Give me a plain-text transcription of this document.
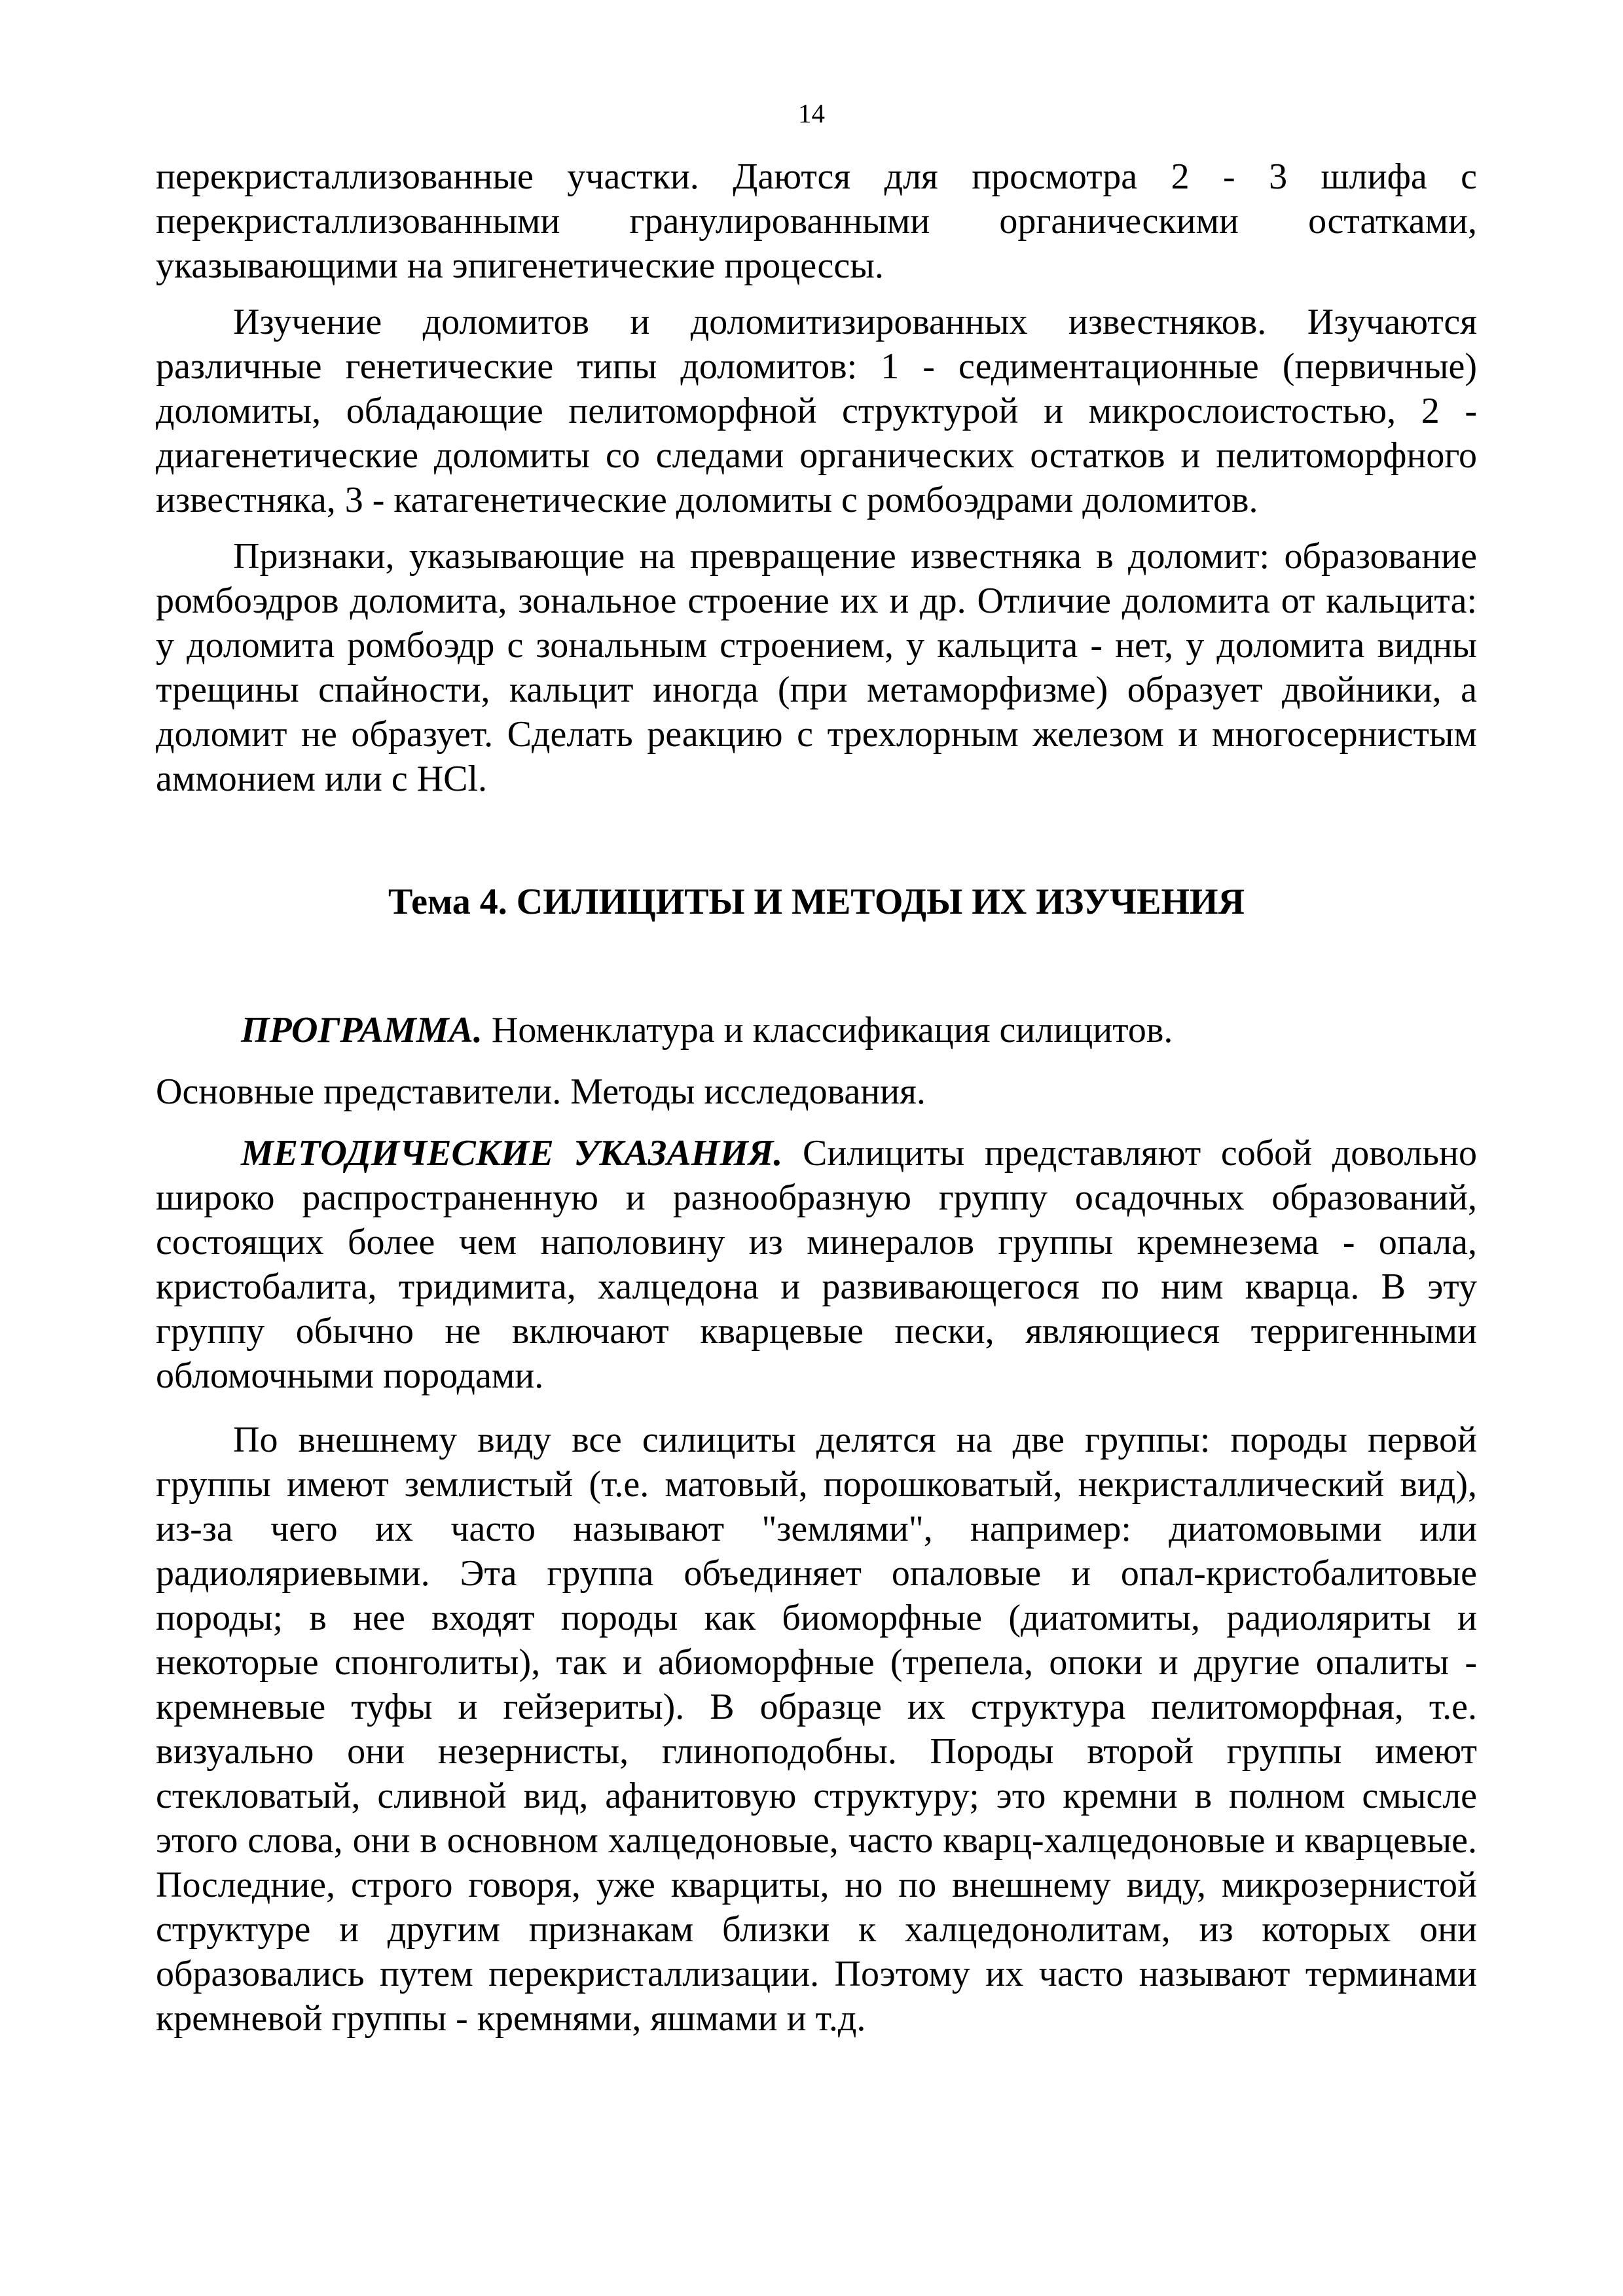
14

перекристаллизованные участки. Даются для просмотра 2 - 3 шлифа с перекристаллизованными гранулированными органическими остатками, указывающими на эпигенетические процессы.

Изучение доломитов и доломитизированных известняков. Изучаются различные генетические типы доломитов: 1 - седиментационные (первичные) доломиты, обладающие пелитоморфной структурой и микрослоистостью, 2 - диагенетические доломиты со следами органических остатков и пелитоморфного известняка, 3 - катагенетические доломиты с ромбоэдрами доломитов.

Признаки, указывающие на превращение известняка в доломит: образование ромбоэдров доломита, зональное строение их и др. Отличие доломита от кальцита: у доломита ромбоэдр с зональным строением, у кальцита - нет, у доломита видны трещины спайности, кальцит иногда (при метаморфизме) образует двойники, а доломит не образует. Сделать реакцию с трехлорным железом и многосернистым аммонием или с HCl.

Тема 4. СИЛИЦИТЫ И МЕТОДЫ ИХ ИЗУЧЕНИЯ

ПРОГРАММА. Номенклатура и классификация силицитов.

Основные представители. Методы исследования.

МЕТОДИЧЕСКИЕ УКАЗАНИЯ. Силициты представляют собой довольно широко распространенную и разнообразную группу осадочных образований, состоящих более чем наполовину из минералов группы кремнезема - опала, кристобалита, тридимита, халцедона и развивающегося по ним кварца. В эту группу обычно не включают кварцевые пески, являющиеся терригенными обломочными породами.

По внешнему виду все силициты делятся на две группы: породы первой группы имеют землистый (т.е. матовый, порошковатый, некристаллический вид), из-за чего их часто называют "землями", например: диатомовыми или радиоляриевыми. Эта группа объединяет опаловые и опал-кристобалитовые породы; в нее входят породы как биоморфные (диатомиты, радиоляриты и некоторые спонголиты), так и абиоморфные (трепела, опоки и другие опалиты - кремневые туфы и гейзериты). В образце их структура пелитоморфная, т.е. визуально они незернисты, глиноподобны. Породы второй группы имеют стекловатый, сливной вид, афанитовую структуру; это кремни в полном смысле этого слова, они в основном халцедоновые, часто кварц-халцедоновые и кварцевые. Последние, строго говоря, уже кварциты, но по внешнему виду, микрозернистой структуре и другим признакам близки к халцедонолитам, из которых они образовались путем перекристаллизации. Поэтому их часто называют терминами кремневой группы - кремнями, яшмами и т.д.
